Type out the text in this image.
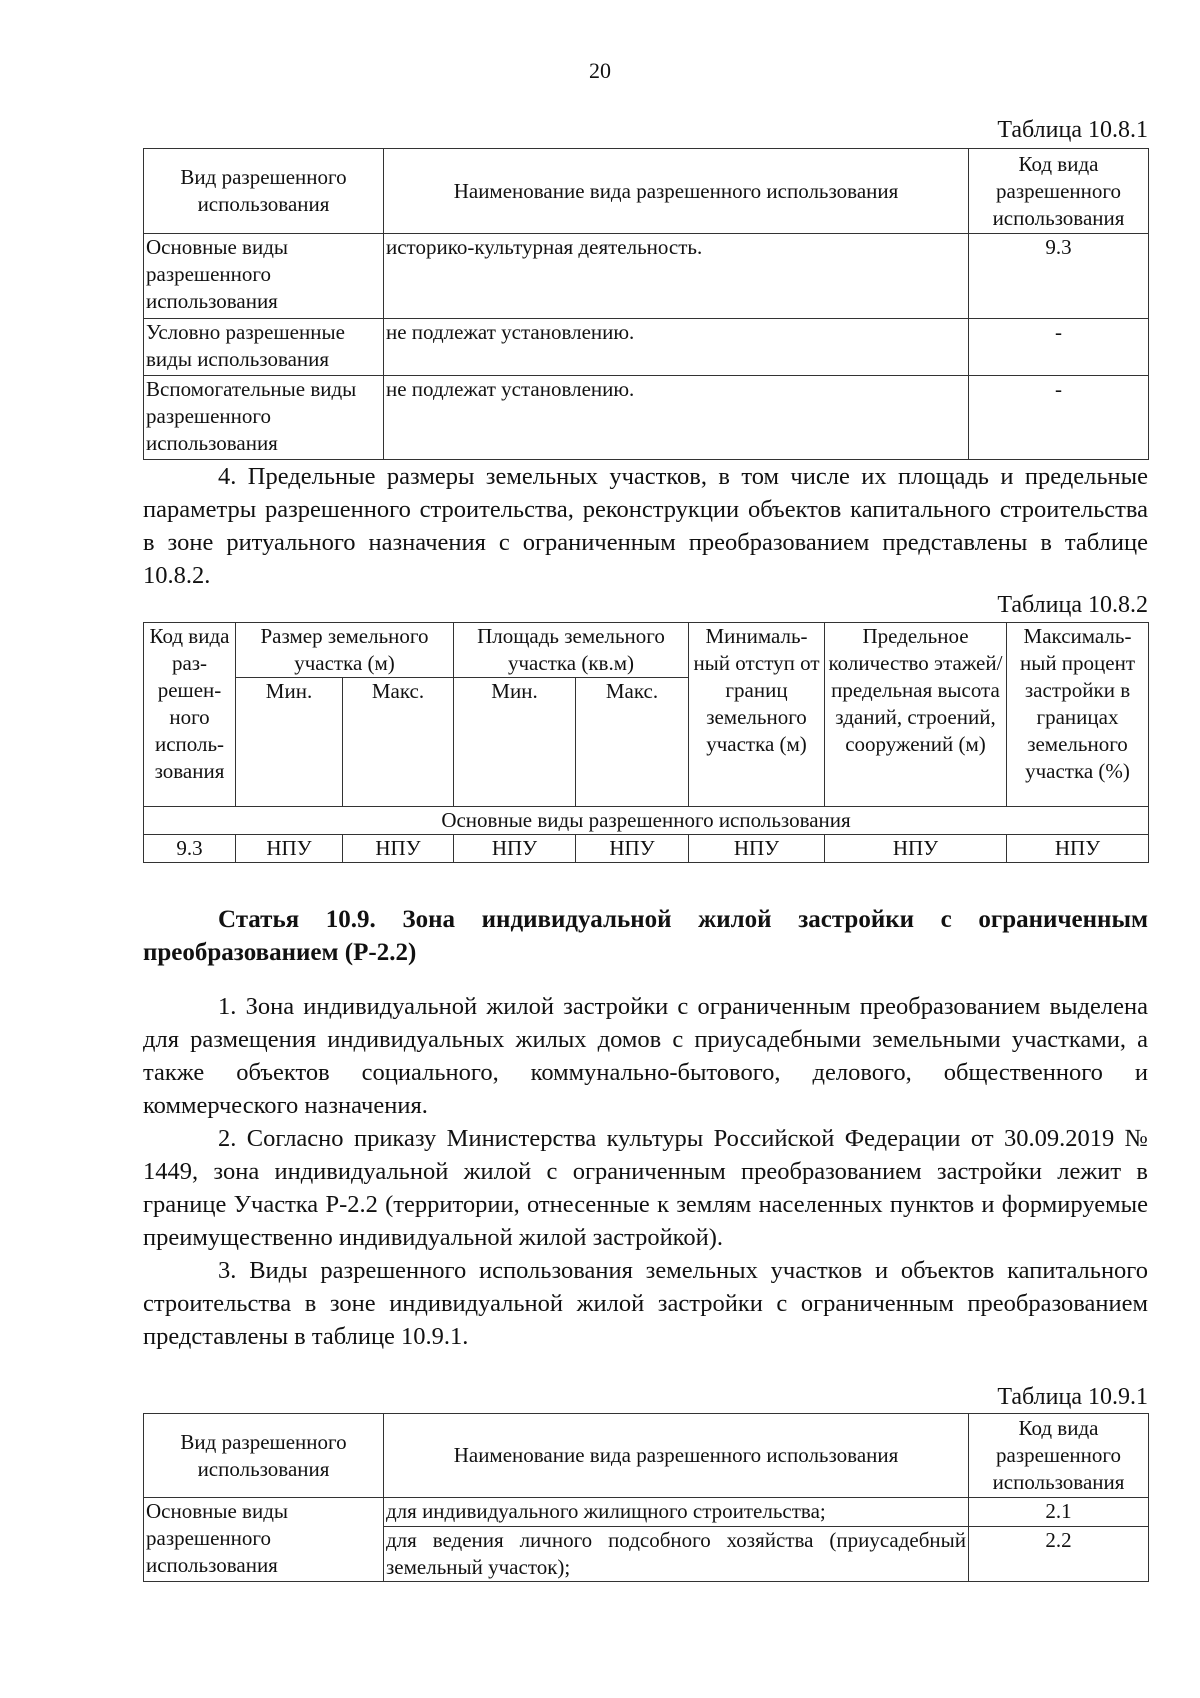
20
Таблица 10.8.1
Вид разрешенного использования	Наименование вида разрешенного использования	Код вида разрешенного использования
Основные виды разрешенного использования	историко-культурная деятельность.	9.3
Условно разрешенные виды использования	не подлежат установлению.	-
Вспомогательные виды разрешенного использования	не подлежат установлению.	-

4. Предельные размеры земельных участков, в том числе их площадь и предельные параметры разрешенного строительства, реконструкции объектов капитального строительства в зоне ритуального назначения с ограниченным преобразованием представлены в таблице 10.8.2.

Таблица 10.8.2
Код вида раз-решен-ного исполь-зования	Размер земельного участка (м)		Площадь земельного участка (кв.м)		Минималь-ный отступ от границ земельного участка (м)	Предельное количество этажей/ предельная высота зданий, строений, сооружений (м)	Максималь-ный процент застройки в границах земельного участка (%)
	Мин.	Макс.	Мин.	Макс.			
Основные виды разрешенного использования							
9.3	НПУ	НПУ	НПУ	НПУ	НПУ	НПУ	НПУ
Статья 10.9. Зона индивидуальной жилой застройки с ограниченным преобразованием (Р-2.2)

1. Зона индивидуальной жилой застройки с ограниченным преобразованием выделена для размещения индивидуальных жилых домов с приусадебными земельными участками, а также объектов социального, коммунально-бытового, делового, общественного и коммерческого назначения.

2. Согласно приказу Министерства культуры Российской Федерации от 30.09.2019 № 1449, зона индивидуальной жилой с ограниченным преобразованием застройки лежит в границе Участка Р-2.2 (территории, отнесенные к землям населенных пунктов и формируемые преимущественно индивидуальной жилой застройкой).

3. Виды разрешенного использования земельных участков и объектов капитального строительства в зоне индивидуальной жилой застройки с ограниченным преобразованием представлены в таблице 10.9.1.

Таблица 10.9.1
Вид разрешенного использования	Наименование вида разрешенного использования	Код вида разрешенного использования
Основные виды разрешенного использования	для индивидуального жилищного строительства;	2.1
	для ведения личного подсобного хозяйства (приусадебный земельный участок);	2.2
